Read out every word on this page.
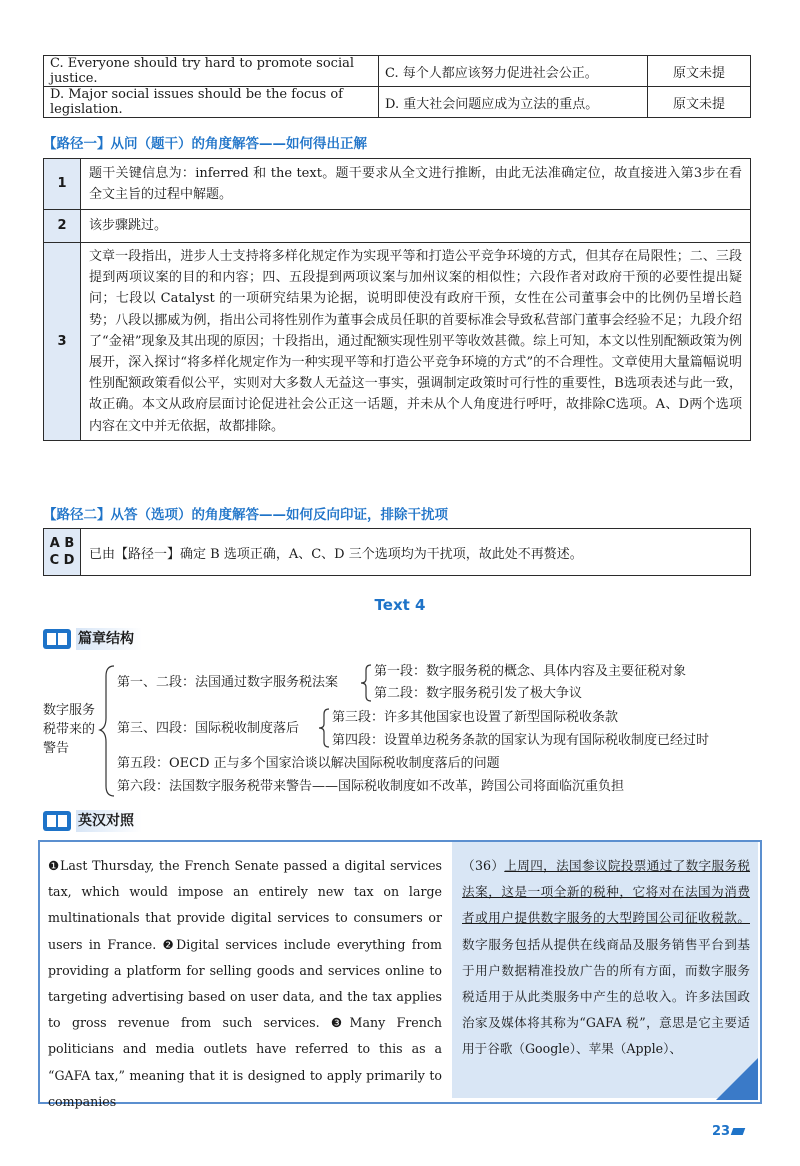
C. Everyone should try hard to promote social justice.	C. 每个人都应该努力促进社会公正。	原文未提
D. Major social issues should be the focus of legislation.	D. 重大社会问题应成为立法的重点。	原文未提
【路径一】从问（题干）的角度解答——如何得出正解
1	题干关键信息为：inferred 和 the text。题干要求从全文进行推断，由此无法准确定位，故直接进入第3步在看全文主旨的过程中解题。
2	该步骤跳过。
3	文章一段指出，进步人士支持将多样化规定作为实现平等和打造公平竞争环境的方式，但其存在局限性；二、三段提到两项议案的目的和内容；四、五段提到两项议案与加州议案的相似性；六段作者对政府干预的必要性提出疑问；七段以 Catalyst 的一项研究结果为论据，说明即使没有政府干预，女性在公司董事会中的比例仍呈增长趋势；八段以挪威为例，指出公司将性别作为董事会成员任职的首要标准会导致私营部门董事会经验不足；九段介绍了“金裙”现象及其出现的原因；十段指出，通过配额实现性别平等收效甚微。综上可知，本文以性别配额政策为例展开，深入探讨“将多样化规定作为一种实现平等和打造公平竞争环境的方式”的不合理性。文章使用大量篇幅说明性别配额政策看似公平，实则对大多数人无益这一事实，强调制定政策时可行性的重要性，B选项表述与此一致，故正确。本文从政府层面讨论促进社会公正这一话题，并未从个人角度进行呼吁，故排除C选项。A、D两个选项内容在文中并无依据，故都排除。
【路径二】从答（选项）的角度解答——如何反向印证，排除干扰项
A B
C D	已由【路径一】确定 B 选项正确，A、C、D 三个选项均为干扰项，故此处不再赘述。
Text 4
篇章结构
数字服务
税带来的
警告
第一、二段：法国通过数字服务税法案
第一段：数字服务税的概念、具体内容及主要征税对象
第二段：数字服务税引发了极大争议
第三、四段：国际税收制度落后
第三段：许多其他国家也设置了新型国际税收条款
第四段：设置单边税务条款的国家认为现有国际税收制度已经过时
第五段：OECD 正与多个国家洽谈以解决国际税收制度落后的问题
第六段：法国数字服务税带来警告——国际税收制度如不改革，跨国公司将面临沉重负担
英汉对照
❶Last Thursday, the French Senate passed a digital services tax, which would impose an entirely new tax on large multinationals that provide digital services to consumers or users in France. ❷Digital services include everything from providing a platform for selling goods and services online to targeting advertising based on user data, and the tax applies to gross revenue from such services. ❸Many French politicians and media outlets have referred to this as a “GAFA tax,” meaning that it is designed to apply primarily to companies
（36）上周四，法国参议院投票通过了数字服务税法案，这是一项全新的税种，它将对在法国为消费者或用户提供数字服务的大型跨国公司征收税款。数字服务包括从提供在线商品及服务销售平台到基于用户数据精准投放广告的所有方面，而数字服务税适用于从此类服务中产生的总收入。许多法国政治家及媒体将其称为“GAFA 税”，意思是它主要适用于谷歌（Google）、苹果（Apple）、
23
